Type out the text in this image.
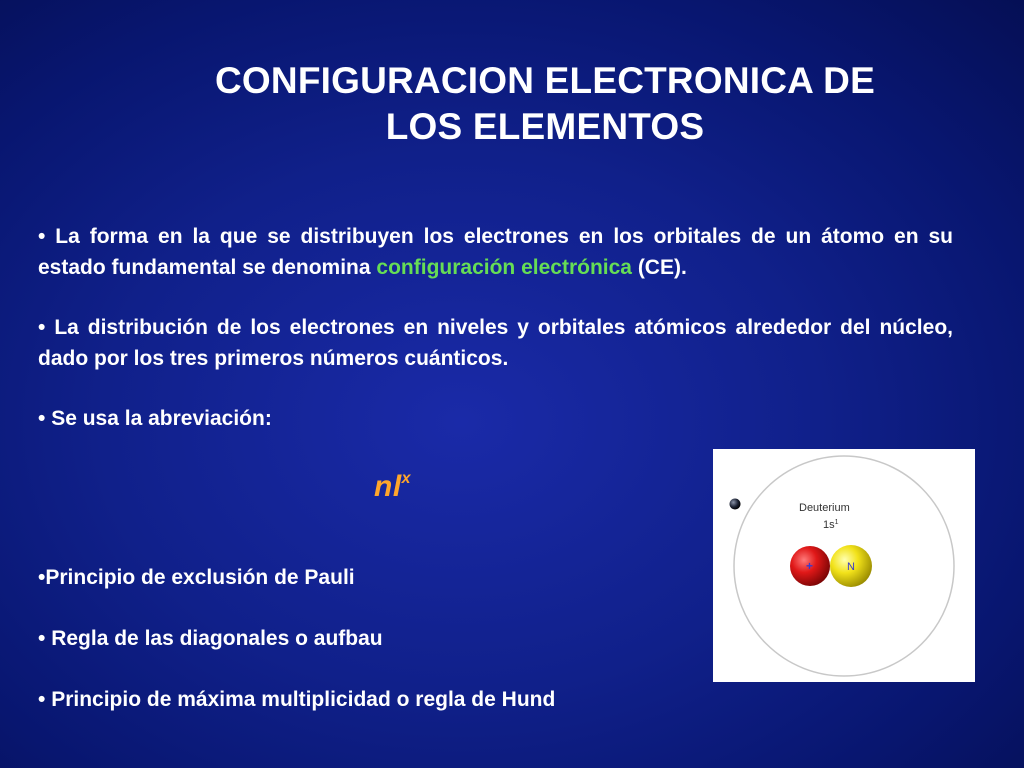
CONFIGURACION ELECTRONICA DE
LOS ELEMENTOS

• La forma en la que se distribuyen los electrones en los orbitales de un átomo en su estado fundamental se denomina configuración electrónica (CE).

• La distribución de los electrones en niveles y orbitales atómicos alrededor del núcleo, dado por los tres primeros números cuánticos.

• Se usa la abreviación:

$nl^x$
•Principio de exclusión de Pauli
• Regla de las diagonales o aufbau
• Principio de máxima multiplicidad o regla de Hund
Deuterium
$1s^1$
+	N
